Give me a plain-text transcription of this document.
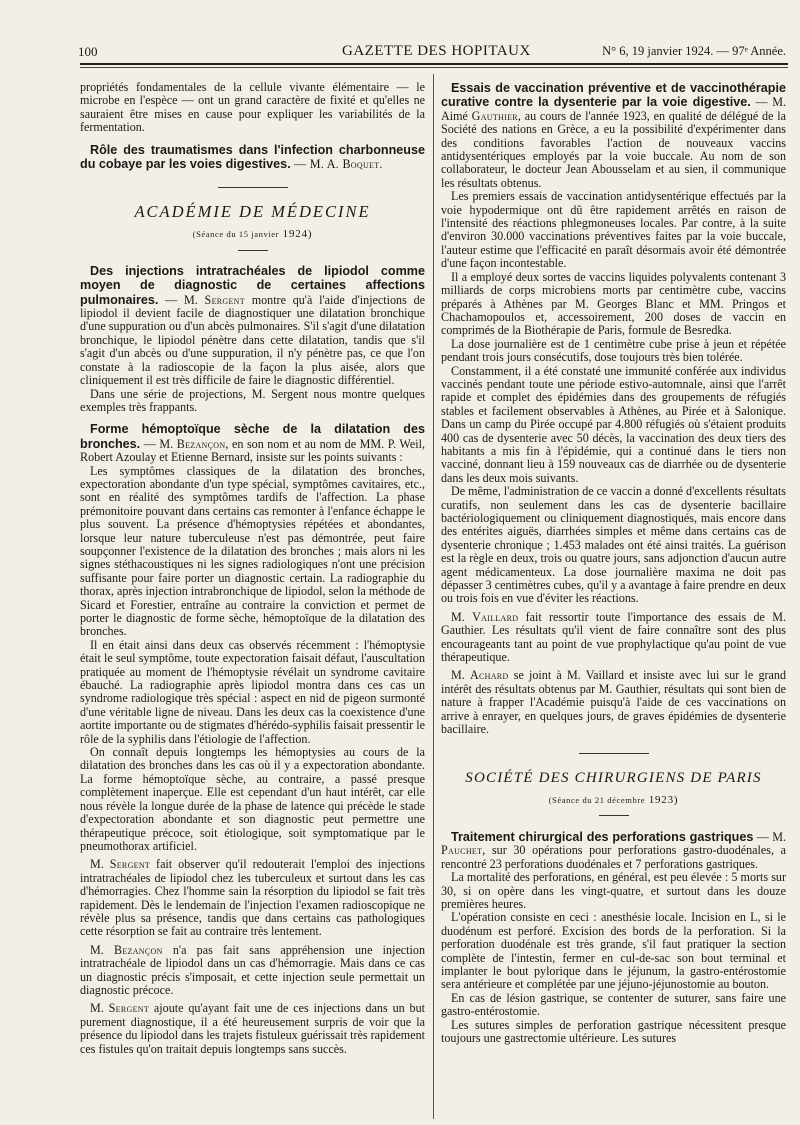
100	GAZETTE DES HOPITAUX	N° 6, 19 janvier 1924. — 97ᵉ Année.

propriétés fondamentales de la cellule vivante élémentaire — le microbe en l'espèce — ont un grand caractère de fixité et qu'elles ne sauraient être mises en cause pour expliquer les variabilités de la fermentation.

Rôle des traumatismes dans l'infection charbonneuse du cobaye par les voies digestives. — M. A. Boquet.

ACADÉMIE DE MÉDECINE
(Séance du 15 janvier 1924)

Des injections intratrachéales de lipiodol comme moyen de diagnostic de certaines affections pulmonaires. — M. Sergent montre qu'à l'aide d'injections de lipiodol il devient facile de diagnostiquer une dilatation bronchique d'une suppuration ou d'un abcès pulmonaires. S'il s'agit d'une dilatation bronchique, le lipiodol pénètre dans cette dilatation, tandis que s'il s'agit d'un abcès ou d'une suppuration, il n'y pénètre pas, ce que l'on constate à la radioscopie de la façon la plus aisée, alors que cliniquement il est très difficile de faire le diagnostic différentiel.

Dans une série de projections, M. Sergent nous montre quelques exemples très frappants.

Forme hémoptoïque sèche de la dilatation des bronches. — M. Bezançon, en son nom et au nom de MM. P. Weil, Robert Azoulay et Etienne Bernard, insiste sur les points suivants :

Les symptômes classiques de la dilatation des bronches, expectoration abondante d'un type spécial, symptômes cavitaires, etc., sont en réalité des symptômes tardifs de l'affection. La phase prémonitoire pouvant dans certains cas remonter à l'enfance échappe le plus souvent. La présence d'hémoptysies répétées et abondantes, lorsque leur nature tuberculeuse n'est pas démontrée, peut faire soupçonner l'existence de la dilatation des bronches ; mais alors ni les signes stéthacoustiques ni les signes radiologiques n'ont une précision suffisante pour faire porter un diagnostic certain. La radiographie du thorax, après injection intrabronchique de lipiodol, selon la méthode de Sicard et Forestier, entraîne au contraire la conviction et permet de porter le diagnostic de forme sèche, hémoptoïque de la dilatation des bronches.

Il en était ainsi dans deux cas observés récemment : l'hémoptysie était le seul symptôme, toute expectoration faisait défaut, l'auscultation pratiquée au moment de l'hémoptysie révélait un syndrome cavitaire ébauché. La radiographie après lipiodol montra dans ces cas un syndrome radiologique très spécial : aspect en nid de pigeon surmonté d'une véritable ligne de niveau. Dans les deux cas la coexistence d'une aortite importante ou de stigmates d'hérédo-syphilis faisait pressentir le rôle de la syphilis dans l'étiologie de l'affection.

On connaît depuis longtemps les hémoptysies au cours de la dilatation des bronches dans les cas où il y a expectoration abondante. La forme hémoptoïque sèche, au contraire, a passé presque complètement inaperçue. Elle est cependant d'un haut intérêt, car elle nous révèle la longue durée de la phase de latence qui précède le stade d'expectoration abondante et son diagnostic peut permettre une thérapeutique précoce, soit étiologique, soit symptomatique par le pneumothorax artificiel.

M. Sergent fait observer qu'il redouterait l'emploi des injections intratrachéales de lipiodol chez les tuberculeux et surtout dans les cas d'hémorragies. Chez l'homme sain la résorption du lipiodol se fait très rapidement. Dès le lendemain de l'injection l'examen radioscopique ne révèle plus sa présence, tandis que dans certains cas pathologiques cette résorption se fait au contraire très lentement.

M. Bezançon n'a pas fait sans appréhension une injection intratrachéale de lipiodol dans un cas d'hémorragie. Mais dans ce cas un diagnostic précis s'imposait, et cette injection seule permettait un diagnostic précoce.

M. Sergent ajoute qu'ayant fait une de ces injections dans un but purement diagnostique, il a été heureusement surpris de voir que la présence du lipiodol dans les trajets fistuleux guérissait très rapidement ces fistules qu'on traitait depuis longtemps sans succès.

Essais de vaccination préventive et de vaccinothérapie curative contre la dysenterie par la voie digestive. — M. Aimé Gauthier, au cours de l'année 1923, en qualité de délégué de la Société des nations en Grèce, a eu la possibilité d'expérimenter dans des conditions favorables l'action de nouveaux vaccins antidysentériques employés par la voie buccale. Au nom de son collaborateur, le docteur Jean Abousselam et au sien, il communique les résultats obtenus.

Les premiers essais de vaccination antidysentérique effectués par la voie hypodermique ont dû être rapidement arrêtés en raison de l'intensité des réactions phlegmoneuses locales. Par contre, à la suite d'environ 30.000 vaccinations préventives faites par la voie buccale, l'auteur estime que l'efficacité en paraît désormais avoir été démontrée d'une façon incontestable.

Il a employé deux sortes de vaccins liquides polyvalents contenant 3 milliards de corps microbiens morts par centimètre cube, vaccins préparés à Athènes par M. Georges Blanc et MM. Pringos et Chachamopoulos et, accessoirement, 200 doses de vaccin en comprimés de la Biothérapie de Paris, formule de Besredka.

La dose journalière est de 1 centimètre cube prise à jeun et répétée pendant trois jours consécutifs, dose toujours très bien tolérée.

Constamment, il a été constaté une immunité conférée aux individus vaccinés pendant toute une période estivo-automnale, ainsi que l'arrêt rapide et complet des épidémies dans des groupements de réfugiés stables et facilement observables à Athènes, au Pirée et à Salonique. Dans un camp du Pirée occupé par 4.800 réfugiés où s'étaient produits 400 cas de dysenterie avec 50 décès, la vaccination des deux tiers des habitants a mis fin à l'épidémie, qui a continué dans le tiers non vacciné, donnant lieu à 159 nouveaux cas de diarrhée ou de dysenterie dans les deux mois suivants.

De même, l'administration de ce vaccin a donné d'excellents résultats curatifs, non seulement dans les cas de dysenterie bacillaire bactériologiquement ou cliniquement diagnostiqués, mais encore dans des entérites aiguës, diarrhées simples et même dans certains cas de dysenterie chronique ; 1.453 malades ont été ainsi traités. La guérison est la règle en deux, trois ou quatre jours, sans adjonction d'aucun autre agent médicamenteux. La dose journalière maxima ne doit pas dépasser 3 centimètres cubes, qu'il y a avantage à faire prendre en deux ou trois fois en vue d'éviter les réactions.

M. Vaillard fait ressortir toute l'importance des essais de M. Gauthier. Les résultats qu'il vient de faire connaître sont des plus encourageants tant au point de vue prophylactique qu'au point de vue thérapeutique.

M. Achard se joint à M. Vaillard et insiste avec lui sur le grand intérêt des résultats obtenus par M. Gauthier, résultats qui sont bien de nature à frapper l'Académie puisqu'à l'aide de ces vaccinations on arrive à enrayer, en quelques jours, de graves épidémies de dysenterie bacillaire.

SOCIÉTÉ DES CHIRURGIENS DE PARIS
(Séance du 21 décembre 1923)

Traitement chirurgical des perforations gastriques — M. Pauchet, sur 30 opérations pour perforations gastro-duodénales, a rencontré 23 perforations duodénales et 7 perforations gastriques.

La mortalité des perforations, en général, est peu élevée : 5 morts sur 30, si on opère dans les vingt-quatre, et surtout dans les douze premières heures.

L'opération consiste en ceci : anesthésie locale. Incision en L, si le duodénum est perforé. Excision des bords de la perforation. Si la perforation duodénale est très grande, s'il faut pratiquer la section complète de l'intestin, fermer en cul-de-sac son bout terminal et implanter le bout pylorique dans le jéjunum, la gastro-entérostomie sera antérieure et complétée par une jéjuno-jéjunostomie au bouton.

En cas de lésion gastrique, se contenter de suturer, sans faire une gastro-entérostomie.

Les sutures simples de perforation gastrique nécessitent presque toujours une gastrectomie ultérieure. Les sutures
